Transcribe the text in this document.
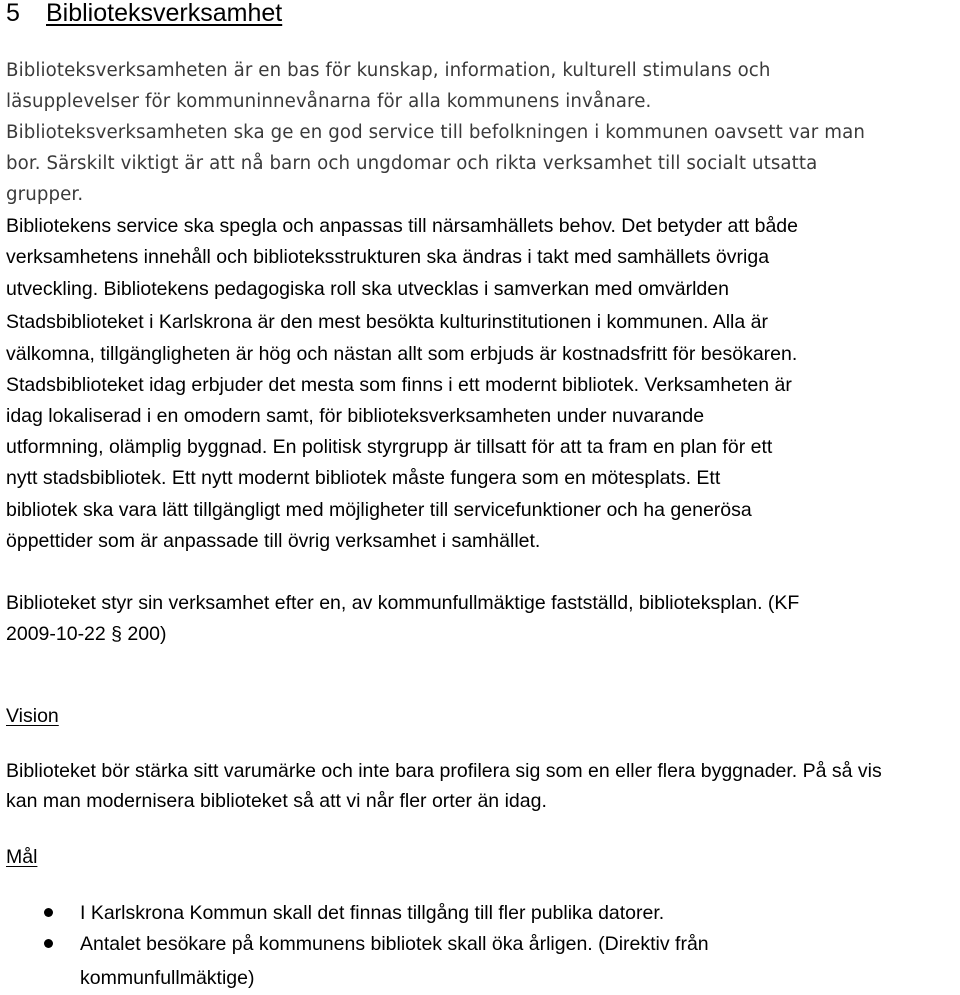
5 Biblioteksverksamhet
Biblioteksverksamheten är en bas för kunskap, information, kulturell stimulans och
läsupplevelser för kommuninnevånarna för alla kommunens invånare.
Biblioteksverksamheten ska ge en god service till befolkningen i kommunen oavsett var man
bor. Särskilt viktigt är att nå barn och ungdomar och rikta verksamhet till socialt utsatta
grupper.
Bibliotekens service ska spegla och anpassas till närsamhällets behov. Det betyder att både
verksamhetens innehåll och biblioteksstrukturen ska ändras i takt med samhällets övriga
utveckling. Bibliotekens pedagogiska roll ska utvecklas i samverkan med omvärlden
Stadsbiblioteket i Karlskrona är den mest besökta kulturinstitutionen i kommunen. Alla är
välkomna, tillgängligheten är hög och nästan allt som erbjuds är kostnadsfritt för besökaren.
Stadsbiblioteket idag erbjuder det mesta som finns i ett modernt bibliotek. Verksamheten är
idag lokaliserad i en omodern samt, för biblioteksverksamheten under nuvarande
utformning, olämplig byggnad. En politisk styrgrupp är tillsatt för att ta fram en plan för ett
nytt stadsbibliotek. Ett nytt modernt bibliotek måste fungera som en mötesplats. Ett
bibliotek ska vara lätt tillgängligt med möjligheter till servicefunktioner och ha generösa
öppettider som är anpassade till övrig verksamhet i samhället.
Biblioteket styr sin verksamhet efter en, av kommunfullmäktige fastställd, biblioteksplan. (KF
2009-10-22 § 200)
Vision
Biblioteket bör stärka sitt varumärke och inte bara profilera sig som en eller flera byggnader. På så vis
kan man modernisera biblioteket så att vi når fler orter än idag.
Mål
I Karlskrona Kommun skall det finnas tillgång till fler publika datorer.
Antalet besökare på kommunens bibliotek skall öka årligen. (Direktiv från
kommunfullmäktige)
